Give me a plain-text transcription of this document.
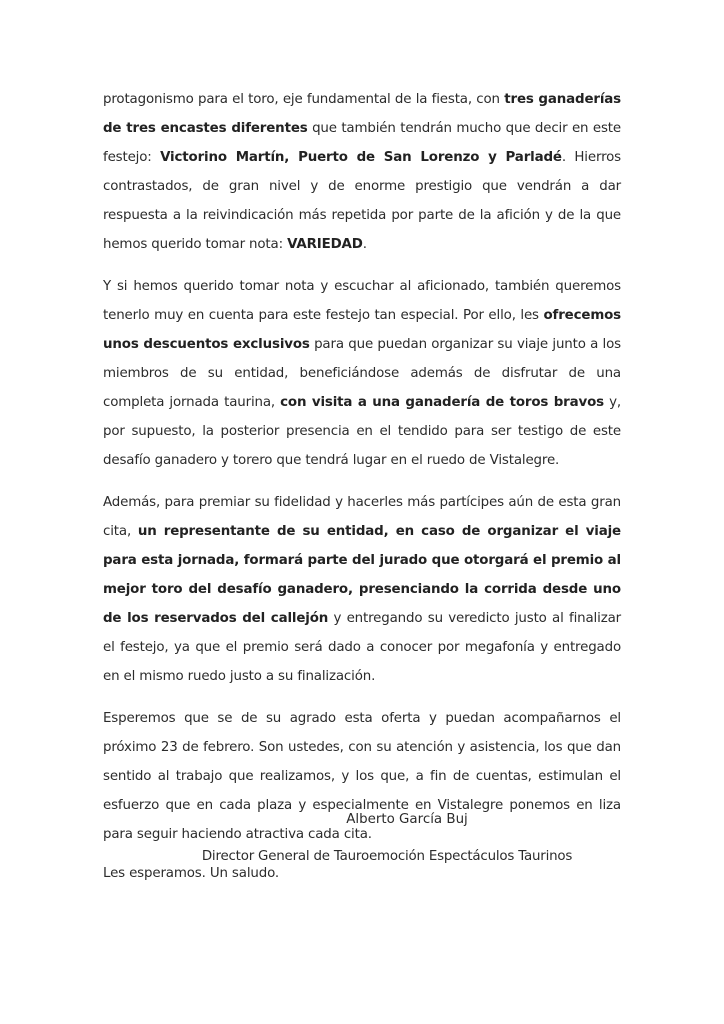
protagonismo para el toro, eje fundamental de la fiesta, con tres ganaderías de tres encastes diferentes que también tendrán mucho que decir en este festejo: Victorino Martín, Puerto de San Lorenzo y Parladé. Hierros contrastados, de gran nivel y de enorme prestigio que vendrán a dar respuesta a la reivindicación más repetida por parte de la afición y de la que hemos querido tomar nota: VARIEDAD.

Y si hemos querido tomar nota y escuchar al aficionado, también queremos tenerlo muy en cuenta para este festejo tan especial. Por ello, les ofrecemos unos descuentos exclusivos para que puedan organizar su viaje junto a los miembros de su entidad, beneficiándose además de disfrutar de una completa jornada taurina, con visita a una ganadería de toros bravos y, por supuesto, la posterior presencia en el tendido para ser testigo de este desafío ganadero y torero que tendrá lugar en el ruedo de Vistalegre.

Además, para premiar su fidelidad y hacerles más partícipes aún de esta gran cita, un representante de su entidad, en caso de organizar el viaje para esta jornada, formará parte del jurado que otorgará el premio al mejor toro del desafío ganadero, presenciando la corrida desde uno de los reservados del callejón y entregando su veredicto justo al finalizar el festejo, ya que el premio será dado a conocer por megafonía y entregado en el mismo ruedo justo a su finalización.

Esperemos que se de su agrado esta oferta y puedan acompañarnos el próximo 23 de febrero. Son ustedes, con su atención y asistencia, los que dan sentido al trabajo que realizamos, y los que, a fin de cuentas, estimulan el esfuerzo que en cada plaza y especialmente en Vistalegre ponemos en liza para seguir haciendo atractiva cada cita.

Les esperamos. Un saludo.

Alberto García Buj
Director General de Tauroemoción Espectáculos Taurinos
